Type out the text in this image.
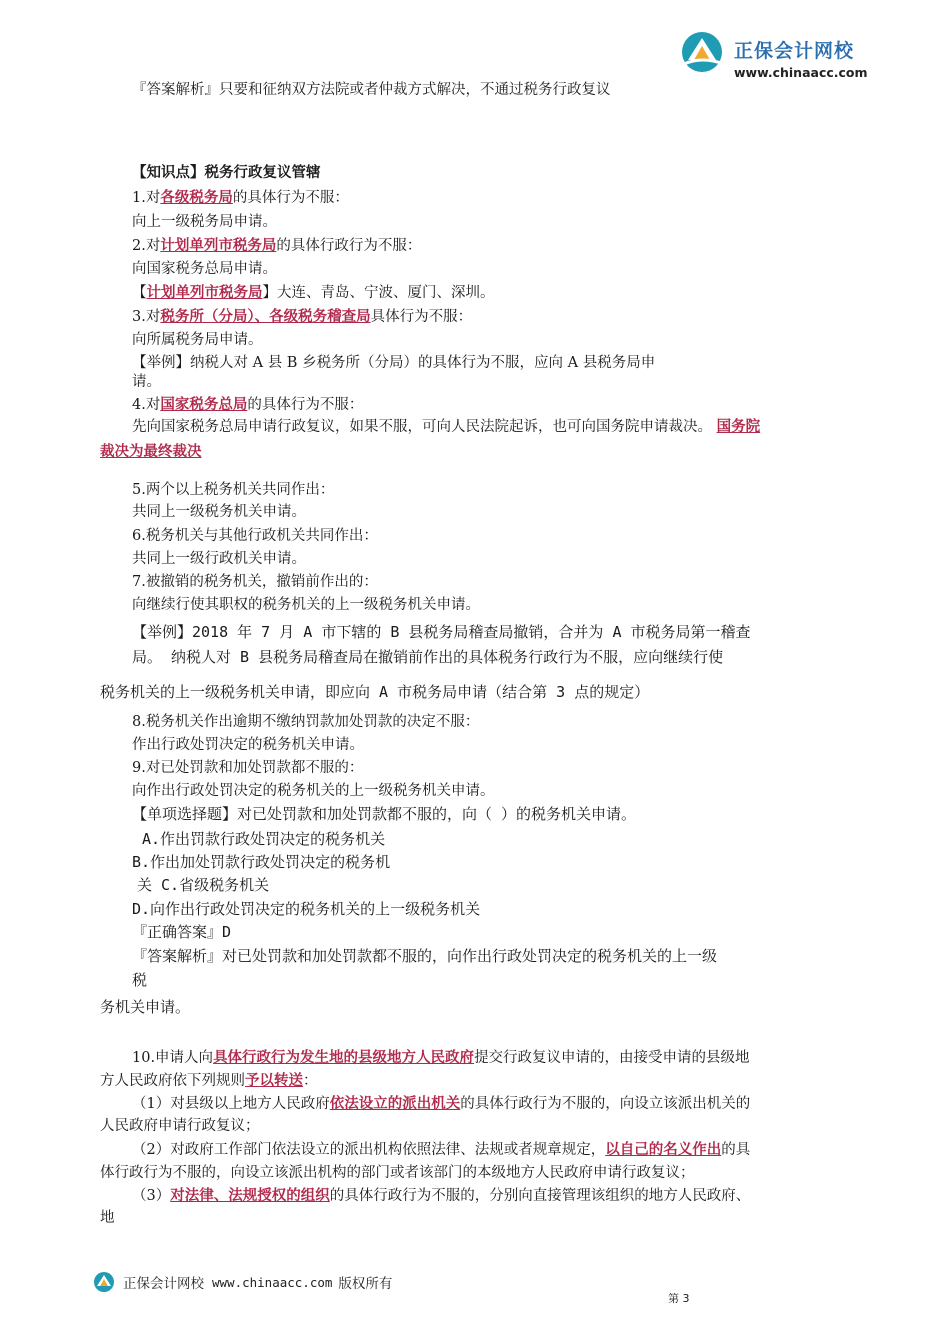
正保会计网校
www.chinaacc.com
『答案解析』只要和征纳双方法院或者仲裁方式解决，不通过税务行政复议
【知识点】税务行政复议管辖
1.对各级税务局的具体行为不服：
向上一级税务局申请。
2.对计划单列市税务局的具体行政行为不服：
向国家税务总局申请。
【计划单列市税务局】大连、青岛、宁波、厦门、深圳。
3.对税务所（分局）、各级税务稽查局具体行为不服：
向所属税务局申请。
【举例】纳税人对 A 县 B 乡税务所（分局）的具体行为不服，应向 A 县税务局申
请。
4.对国家税务总局的具体行为不服：
先向国家税务总局申请行政复议，如果不服，可向人民法院起诉，也可向国务院申请裁决。 国务院
裁决为最终裁决
5.两个以上税务机关共同作出：
共同上一级税务机关申请。
6.税务机关与其他行政机关共同作出：
共同上一级行政机关申请。
7.被撤销的税务机关，撤销前作出的：
向继续行使其职权的税务机关的上一级税务机关申请。
【举例】2018 年 7 月 A 市下辖的 B 县税务局稽查局撤销，合并为 A 市税务局第一稽查
局。 纳税人对 B 县税务局稽查局在撤销前作出的具体税务行政行为不服，应向继续行使
税务机关的上一级税务机关申请，即应向 A 市税务局申请（结合第 3 点的规定）
8.税务机关作出逾期不缴纳罚款加处罚款的决定不服：
作出行政处罚决定的税务机关申请。
9.对已处罚款和加处罚款都不服的：
向作出行政处罚决定的税务机关的上一级税务机关申请。
【单项选择题】对已处罚款和加处罚款都不服的，向（ ）的税务机关申请。
A.作出罚款行政处罚决定的税务机关
B.作出加处罚款行政处罚决定的税务机
关 C.省级税务机关
D.向作出行政处罚决定的税务机关的上一级税务机关
『正确答案』D
『答案解析』对已处罚款和加处罚款都不服的，向作出行政处罚决定的税务机关的上一级
税
务机关申请。
10.申请人向具体行政行为发生地的县级地方人民政府提交行政复议申请的，由接受申请的县级地
方人民政府依下列规则予以转送：
（1）对县级以上地方人民政府依法设立的派出机关的具体行政行为不服的，向设立该派出机关的
人民政府申请行政复议；
（2）对政府工作部门依法设立的派出机构依照法律、法规或者规章规定，以自己的名义作出的具
体行政行为不服的，向设立该派出机构的部门或者该部门的本级地方人民政府申请行政复议；
（3）对法律、法规授权的组织的具体行政行为不服的，分别向直接管理该组织的地方人民政府、
地
正保会计网校 www.chinaacc.com 版权所有
第 3
